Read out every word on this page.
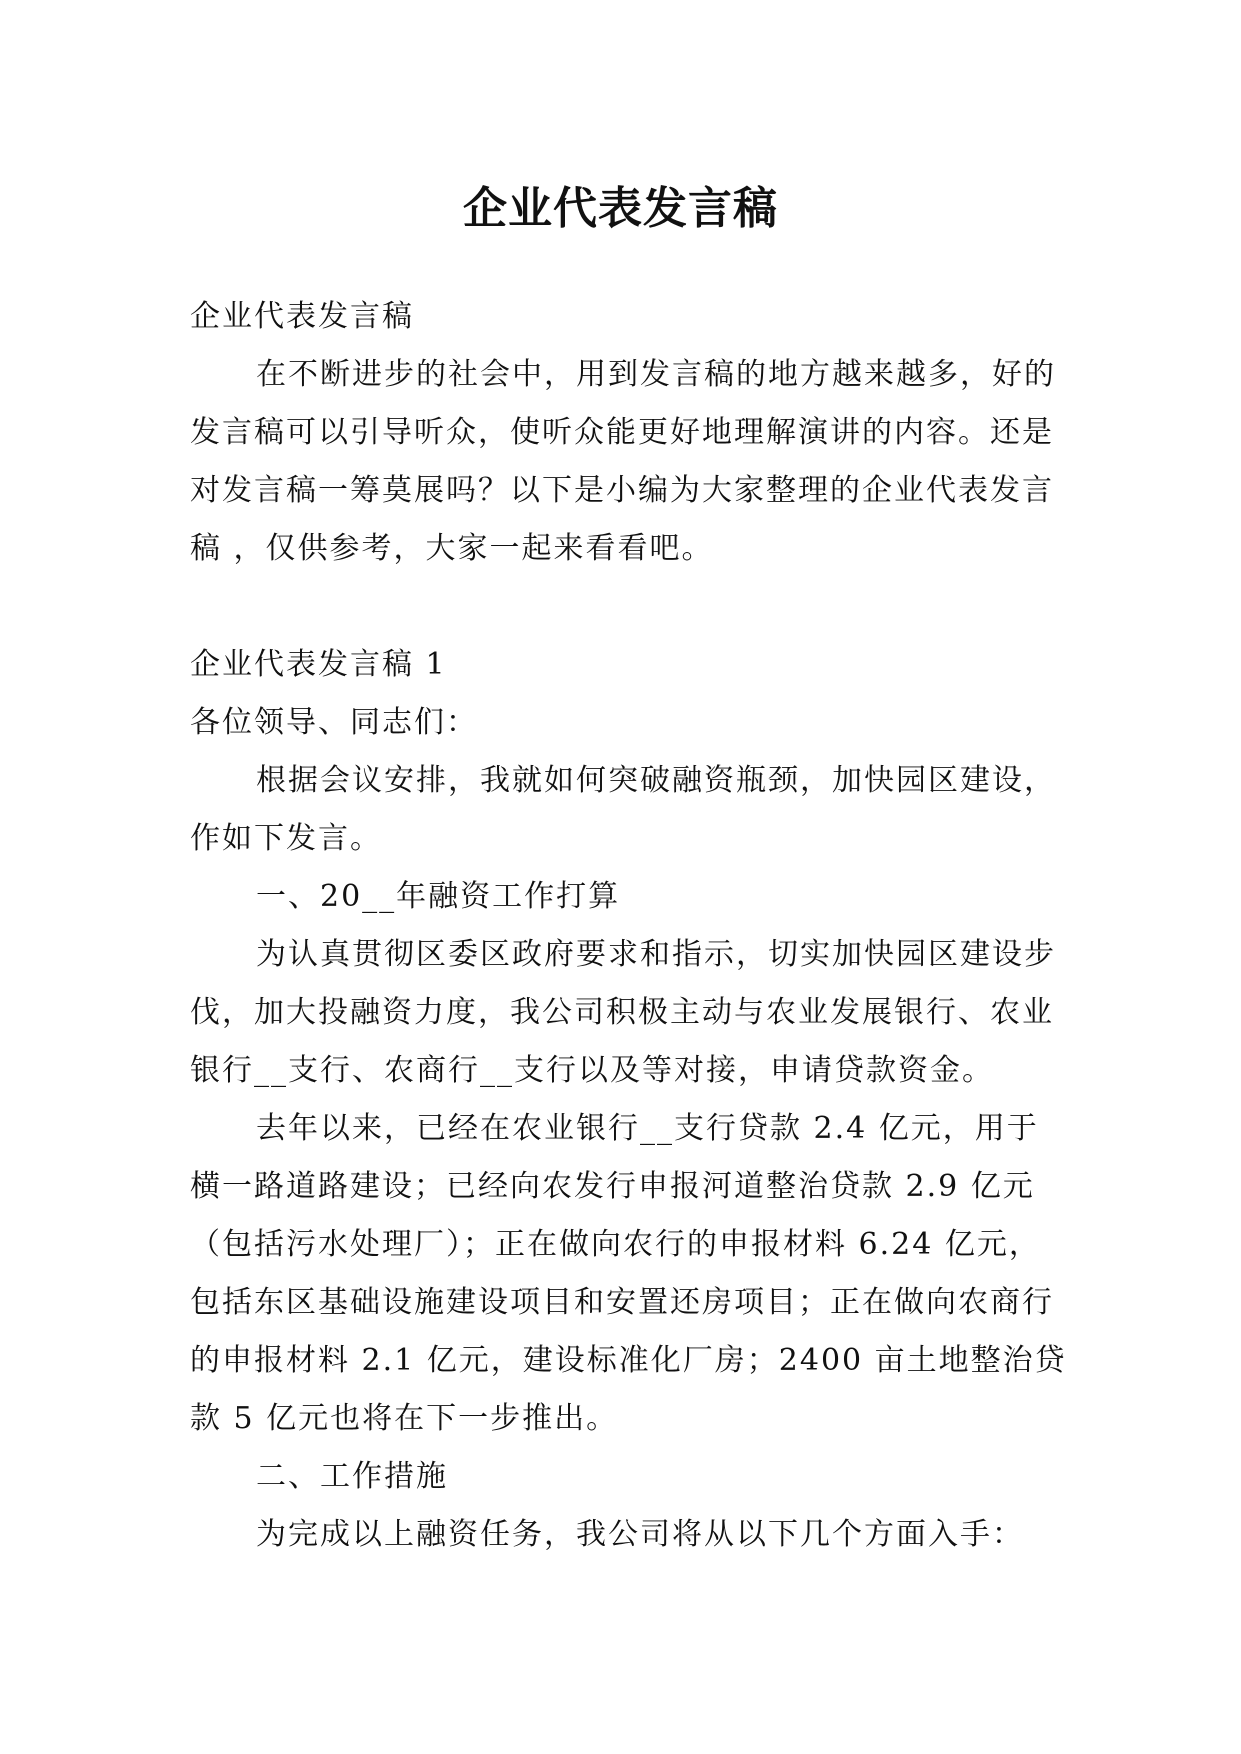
企业代表发言稿

企业代表发言稿

在不断进步的社会中，用到发言稿的地方越来越多，好的发言稿可以引导听众，使听众能更好地理解演讲的内容。还是对发言稿一筹莫展吗？以下是小编为大家整理的企业代表发言稿 ，仅供参考，大家一起来看看吧。

企业代表发言稿 1

各位领导、同志们：

根据会议安排，我就如何突破融资瓶颈，加快园区建设，作如下发言。

一、20__年融资工作打算

为认真贯彻区委区政府要求和指示，切实加快园区建设步伐，加大投融资力度，我公司积极主动与农业发展银行、农业银行__支行、农商行__支行以及等对接，申请贷款资金。

去年以来，已经在农业银行__支行贷款 2.4 亿元，用于横一路道路建设；已经向农发行申报河道整治贷款 2.9 亿元（包括污水处理厂）；正在做向农行的申报材料 6.24 亿元，包括东区基础设施建设项目和安置还房项目；正在做向农商行的申报材料 2.1 亿元，建设标准化厂房；2400 亩土地整治贷款 5 亿元也将在下一步推出。

二、工作措施

为完成以上融资任务，我公司将从以下几个方面入手：
